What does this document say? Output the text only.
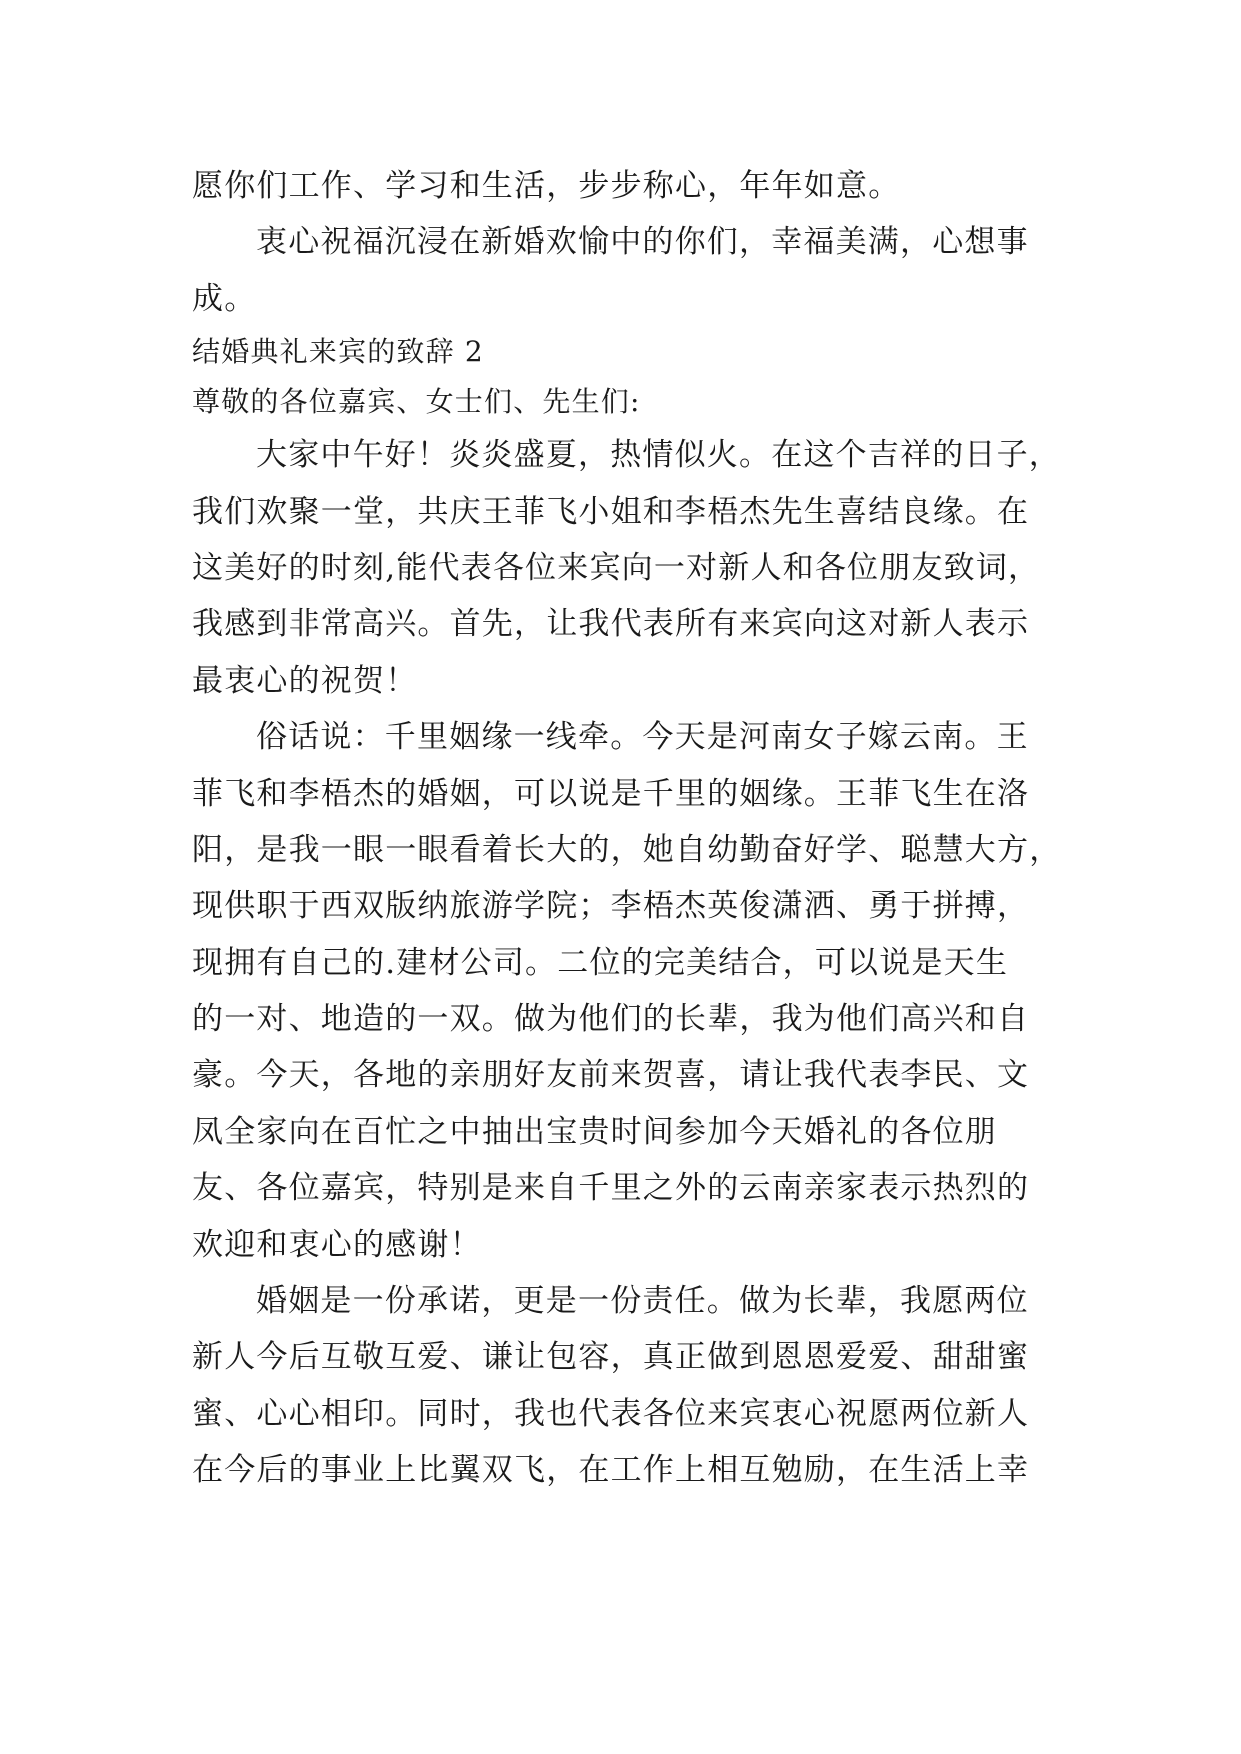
愿你们工作、学习和生活，步步称心，年年如意。
衷心祝福沉浸在新婚欢愉中的你们，幸福美满，心想事
成。
结婚典礼来宾的致辞 2
尊敬的各位嘉宾、女士们、先生们:
大家中午好！炎炎盛夏，热情似火。在这个吉祥的日子，
我们欢聚一堂，共庆王菲飞小姐和李梧杰先生喜结良缘。在
这美好的时刻,能代表各位来宾向一对新人和各位朋友致词，
我感到非常高兴。首先，让我代表所有来宾向这对新人表示
最衷心的祝贺！
俗话说：千里姻缘一线牵。今天是河南女子嫁云南。王
菲飞和李梧杰的婚姻，可以说是千里的姻缘。王菲飞生在洛
阳，是我一眼一眼看着长大的，她自幼勤奋好学、聪慧大方，
现供职于西双版纳旅游学院；李梧杰英俊潇洒、勇于拼搏，
现拥有自己的.建材公司。二位的完美结合，可以说是天生
的一对、地造的一双。做为他们的长辈，我为他们高兴和自
豪。今天，各地的亲朋好友前来贺喜，请让我代表李民、文
凤全家向在百忙之中抽出宝贵时间参加今天婚礼的各位朋
友、各位嘉宾，特别是来自千里之外的云南亲家表示热烈的
欢迎和衷心的感谢！
婚姻是一份承诺，更是一份责任。做为长辈，我愿两位
新人今后互敬互爱、谦让包容，真正做到恩恩爱爱、甜甜蜜
蜜、心心相印。同时，我也代表各位来宾衷心祝愿两位新人
在今后的事业上比翼双飞，在工作上相互勉励，在生活上幸
